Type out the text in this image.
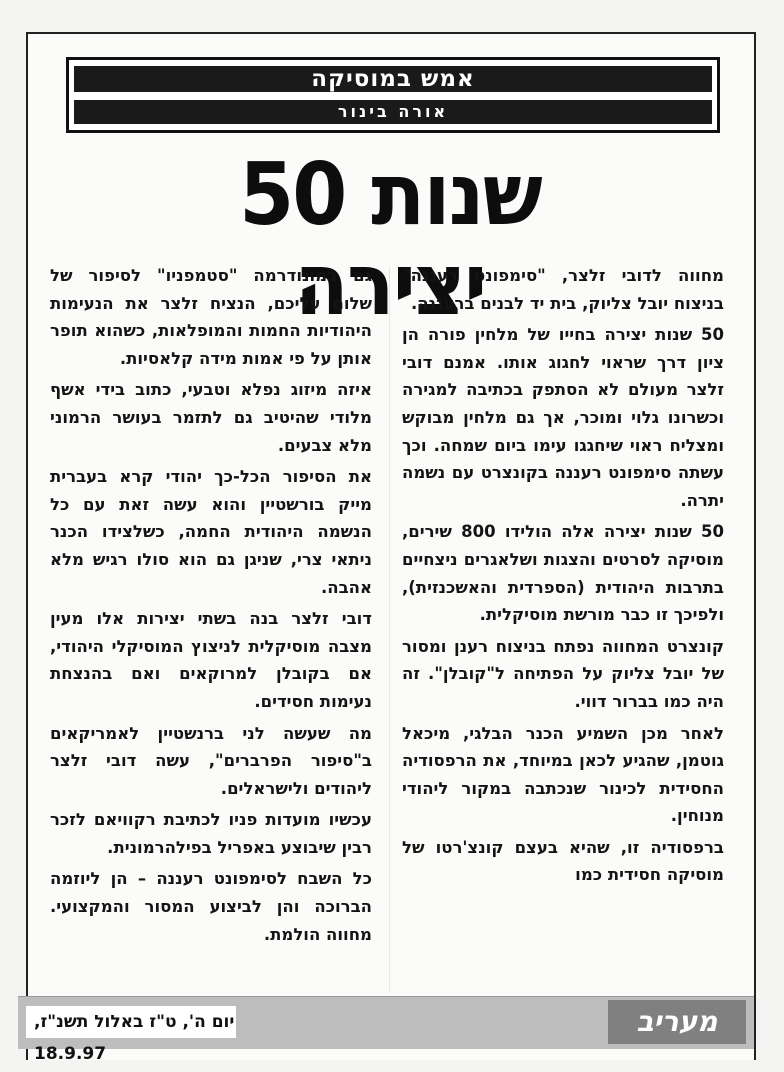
אמש במוסיקה
אורה בינור
50 שנות יצירה

מחווה לדובי זלצר, "סימפונט רעננה" בניצוח יובל צליוק, בית יד לבנים ברעננה.

50 שנות יצירה בחייו של מלחין פורה הן ציון דרך שראוי לחגוג אותו. אמנם דובי זלצר מעולם לא הסתפק בכתיבה למגירה וכשרונו גלוי ומוכר, אך גם מלחין מבוקש ומצליח ראוי שיחגגו עימו ביום שמחה. וכך עשתה סימפונט רעננה בקונצרט עם נשמה יתרה.

50 שנות יצירה אלה הולידו 800 שירים, מוסיקה לסרטים והצגות ושלאגרים ניצחיים בתרבות היהודית (הספרדית והאשכנזית), ולפיכך זו כבר מורשת מוסיקלית.

קונצרט המחווה נפתח בניצוח רענן ומסור של יובל צליוק על הפתיחה ל"קובלן". זה היה כמו בברור דווי.

לאחר מכן השמיע הכנר הבלגי, מיכאל גוטמן, שהגיע לכאן במיוחד, את הרפסודיה החסידית לכינור שנכתבה במקור ליהודי מנוחין.

ברפסודיה זו, שהיא בעצם קונצ'רטו של מוסיקה חסידית כמו

גם במונודרמה "סטמפניו" לסיפור של שלום עליכם, הנציח זלצר את הנעימות היהודיות החמות והמופלאות, כשהוא תופר אותן על פי אמות מידה קלאסיות.

איזה מיזוג נפלא וטבעי, כתוב בידי אשף מלודי שהיטיב גם לתזמר בעושר הרמוני מלא צבעים.

את הסיפור הכל-כך יהודי קרא בעברית מייק בורשטיין והוא עשה זאת עם כל הנשמה היהודית החמה, כשלצידו הכנר ניתאי צרי, שניגן גם הוא סולו רגיש מלא אהבה.

דובי זלצר בנה בשתי יצירות אלו מעין מצבה מוסיקלית לניצוץ המוסיקלי היהודי, אם בקובלן למרוקאים ואם בהנצחת נעימות חסידים.

מה שעשה לני ברנשטיין לאמריקאים ב"סיפור הפרברים", עשה דובי זלצר ליהודים ולישראלים.

עכשיו מועדות פניו לכתיבת רקוויאם לזכר רבין שיבוצע באפריל בפילהרמונית.

כל השבח לסימפונט רעננה – הן ליוזמה הברוכה והן לביצוע המסור והמקצועי. מחווה הולמת.

מעריב
יום ה', ט"ז באלול תשנ"ז, 18.9.97
